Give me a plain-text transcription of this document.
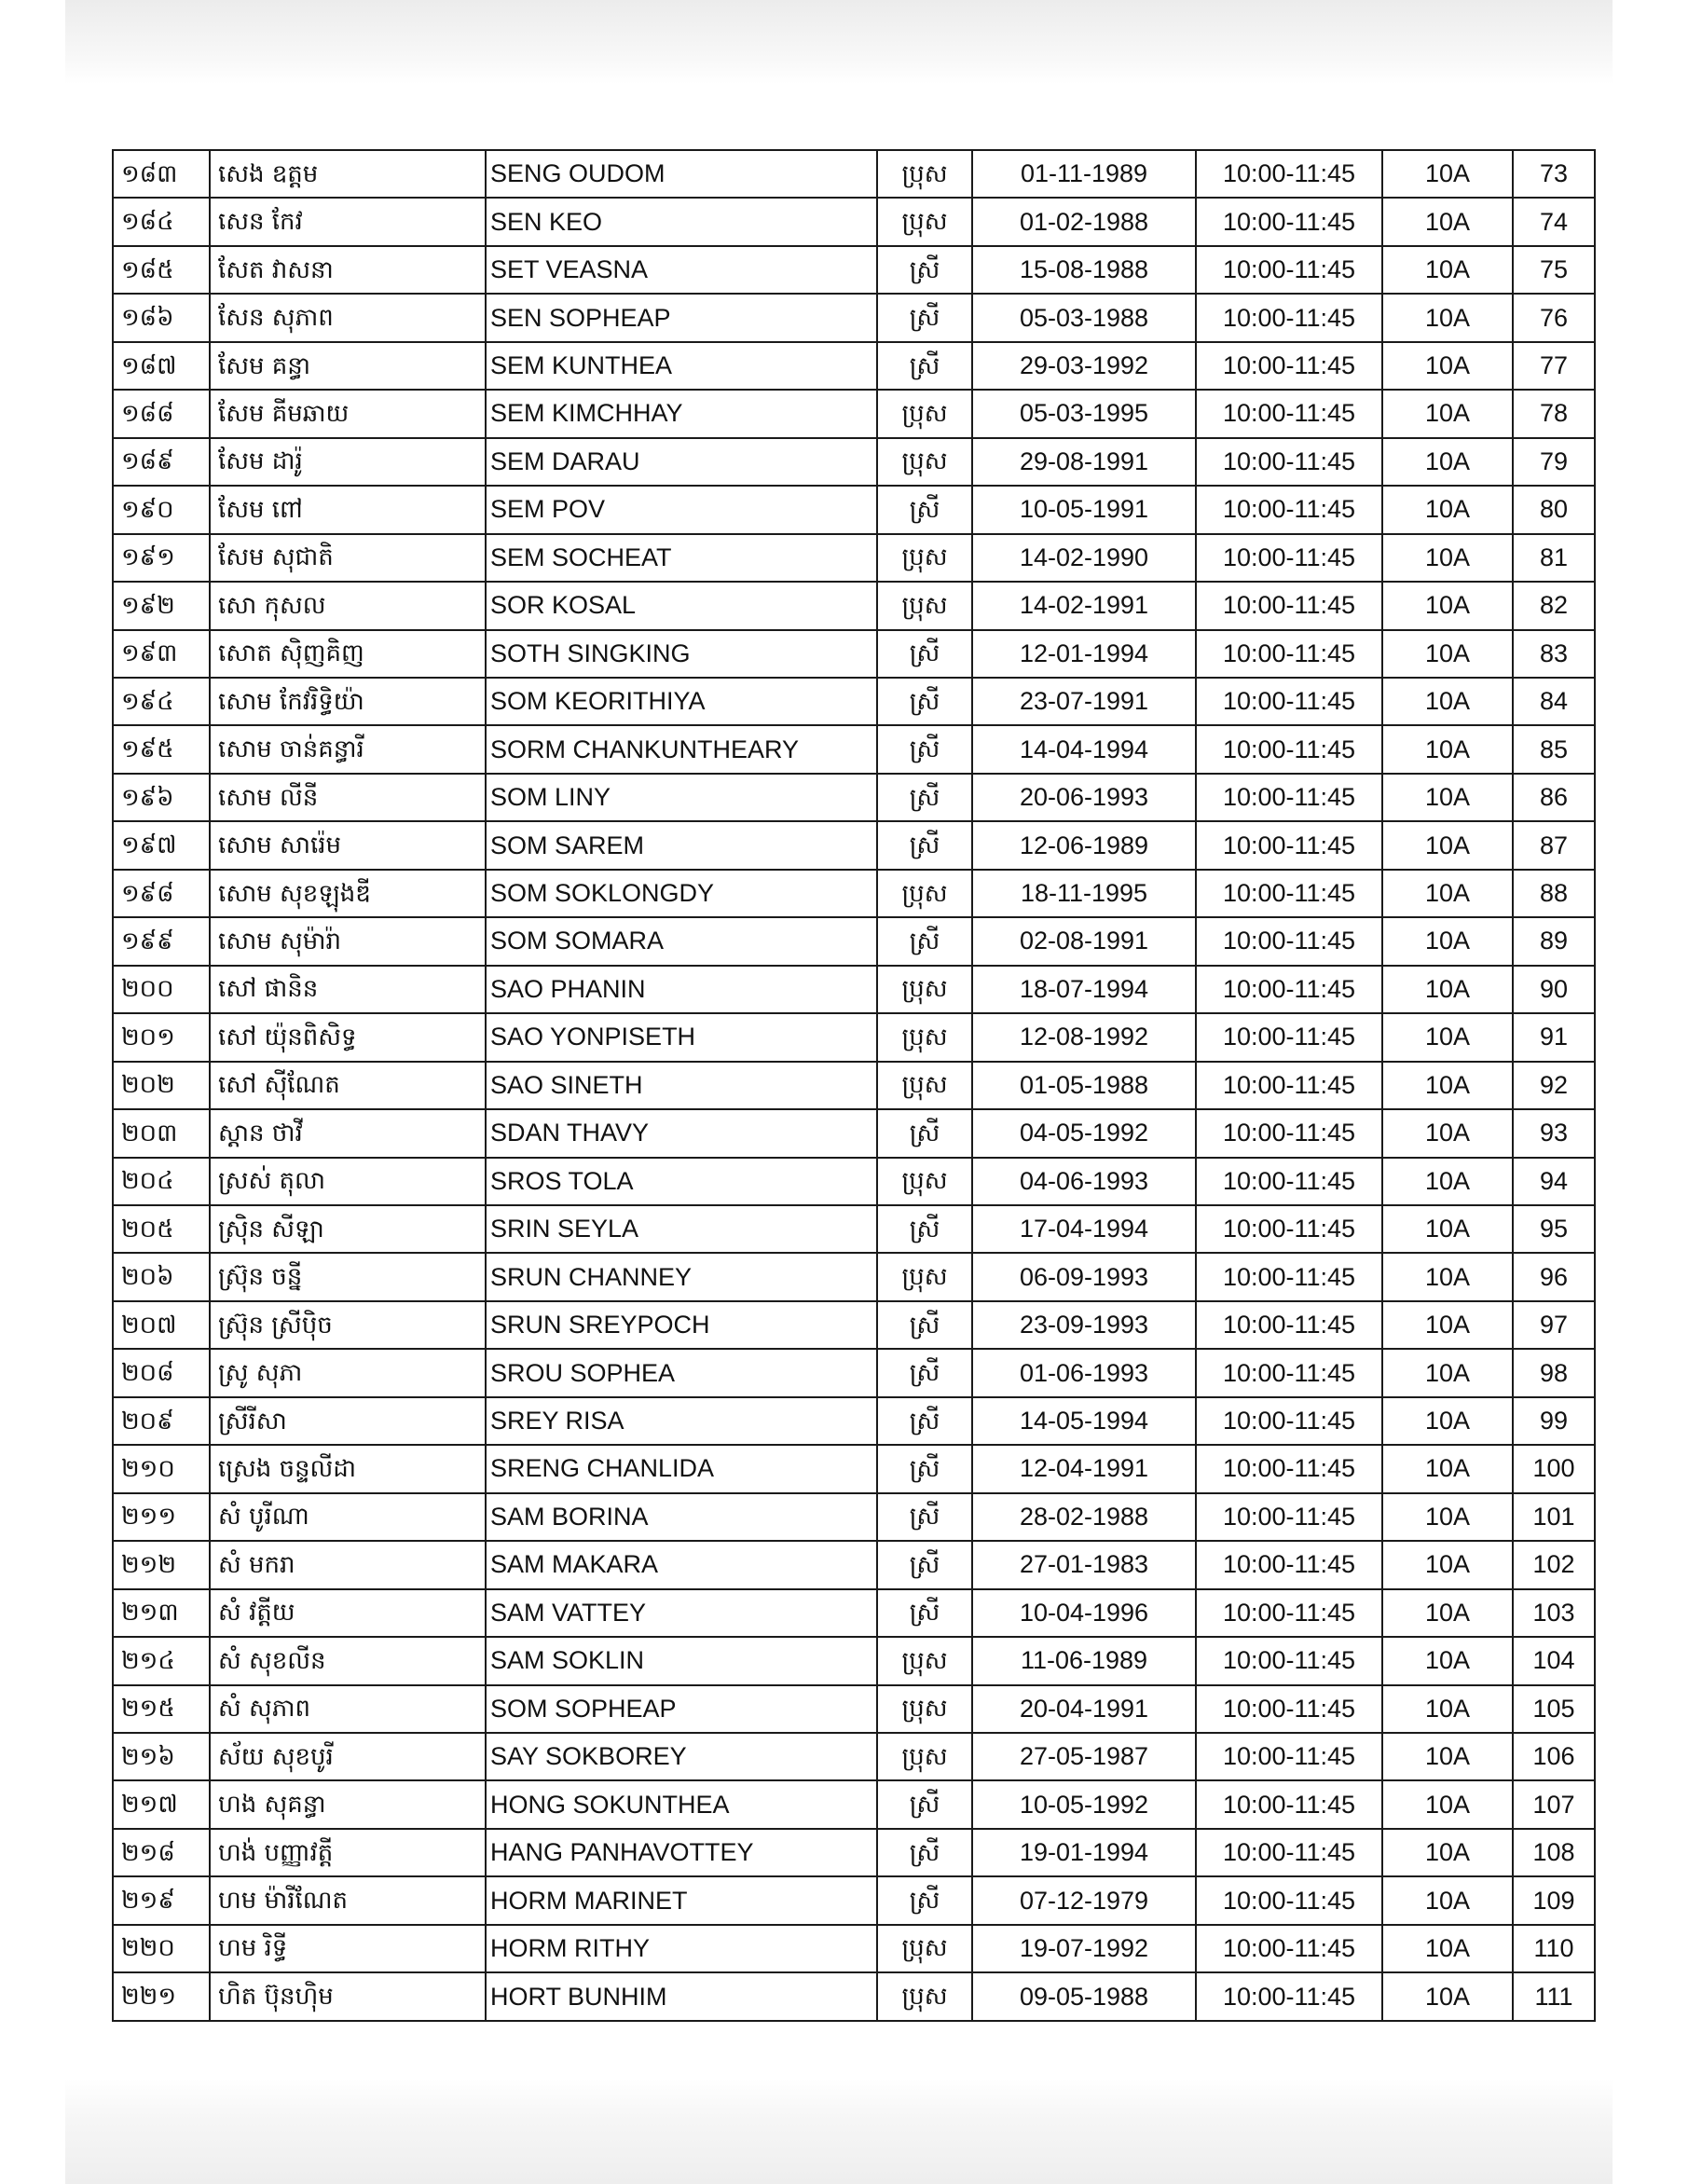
១៨៣	សេង ឧត្តម	SENG OUDOM	ប្រុស	01-11-1989	10:00-11:45	10A	73
១៨៤	សេន កែវ	SEN KEO	ប្រុស	01-02-1988	10:00-11:45	10A	74
១៨៥	សែត វាសនា	SET VEASNA	ស្រី	15-08-1988	10:00-11:45	10A	75
១៨៦	សែន សុភាព	SEN SOPHEAP	ស្រី	05-03-1988	10:00-11:45	10A	76
១៨៧	សែម គន្ធា	SEM KUNTHEA	ស្រី	29-03-1992	10:00-11:45	10A	77
១៨៨	សែម គីមឆាយ	SEM KIMCHHAY	ប្រុស	05-03-1995	10:00-11:45	10A	78
១៨៩	សែម ដារ៉ូ	SEM DARAU	ប្រុស	29-08-1991	10:00-11:45	10A	79
១៩០	សែម ពៅ	SEM POV	ស្រី	10-05-1991	10:00-11:45	10A	80
១៩១	សែម សុជាតិ	SEM SOCHEAT	ប្រុស	14-02-1990	10:00-11:45	10A	81
១៩២	សោ កុសល	SOR KOSAL	ប្រុស	14-02-1991	10:00-11:45	10A	82
១៩៣	សោត ស៊ិញគិញ	SOTH SINGKING	ស្រី	12-01-1994	10:00-11:45	10A	83
១៩៤	សោម កែវរិទ្ធិយ៉ា	SOM KEORITHIYA	ស្រី	23-07-1991	10:00-11:45	10A	84
១៩៥	សោម ចាន់គន្ធារី	SORM CHANKUNTHEARY	ស្រី	14-04-1994	10:00-11:45	10A	85
១៩៦	សោម លីនី	SOM LINY	ស្រី	20-06-1993	10:00-11:45	10A	86
១៩៧	សោម សារ៉េម	SOM SAREM	ស្រី	12-06-1989	10:00-11:45	10A	87
១៩៨	សោម សុខឡុងឌី	SOM SOKLONGDY	ប្រុស	18-11-1995	10:00-11:45	10A	88
១៩៩	សោម សុម៉ារ៉ា	SOM SOMARA	ស្រី	02-08-1991	10:00-11:45	10A	89
២០០	សៅ ផានិន	SAO PHANIN	ប្រុស	18-07-1994	10:00-11:45	10A	90
២០១	សៅ យ៉ុនពិសិទ្ធ	SAO YONPISETH	ប្រុស	12-08-1992	10:00-11:45	10A	91
២០២	សៅ ស៊ីណែត	SAO SINETH	ប្រុស	01-05-1988	10:00-11:45	10A	92
២០៣	ស្ដាន ថាវី	SDAN THAVY	ស្រី	04-05-1992	10:00-11:45	10A	93
២០៤	ស្រស់ តុលា	SROS TOLA	ប្រុស	04-06-1993	10:00-11:45	10A	94
២០៥	ស្រ៊ិន សីឡា	SRIN SEYLA	ស្រី	17-04-1994	10:00-11:45	10A	95
២០៦	ស្រ៊ុន ចន្នី	SRUN CHANNEY	ប្រុស	06-09-1993	10:00-11:45	10A	96
២០៧	ស្រ៊ុន ស្រីប៉ិច	SRUN SREYPOCH	ស្រី	23-09-1993	10:00-11:45	10A	97
២០៨	ស្រូ សុភា	SROU SOPHEA	ស្រី	01-06-1993	10:00-11:45	10A	98
២០៩	ស្រីរីសា	SREY RISA	ស្រី	14-05-1994	10:00-11:45	10A	99
២១០	ស្រេង ចន្ទលីដា	SRENG CHANLIDA	ស្រី	12-04-1991	10:00-11:45	10A	100
២១១	សំ បូរីណា	SAM BORINA	ស្រី	28-02-1988	10:00-11:45	10A	101
២១២	សំ មករា	SAM MAKARA	ស្រី	27-01-1983	10:00-11:45	10A	102
២១៣	សំ វត្តីយ	SAM VATTEY	ស្រី	10-04-1996	10:00-11:45	10A	103
២១៤	សំ សុខលីន	SAM SOKLIN	ប្រុស	11-06-1989	10:00-11:45	10A	104
២១៥	សំ សុភាព	SOM SOPHEAP	ប្រុស	20-04-1991	10:00-11:45	10A	105
២១៦	ស័យ សុខបូរី	SAY SOKBOREY	ប្រុស	27-05-1987	10:00-11:45	10A	106
២១៧	ហង សុគន្ធា	HONG SOKUNTHEA	ស្រី	10-05-1992	10:00-11:45	10A	107
២១៨	ហង់ បញ្ញាវត្តី	HANG PANHAVOTTEY	ស្រី	19-01-1994	10:00-11:45	10A	108
២១៩	ហម ម៉ារីណែត	HORM MARINET	ស្រី	07-12-1979	10:00-11:45	10A	109
២២០	ហម រិទ្ធី	HORM RITHY	ប្រុស	19-07-1992	10:00-11:45	10A	110
២២១	ហិត ប៊ុនហ៊ិម	HORT BUNHIM	ប្រុស	09-05-1988	10:00-11:45	10A	111
